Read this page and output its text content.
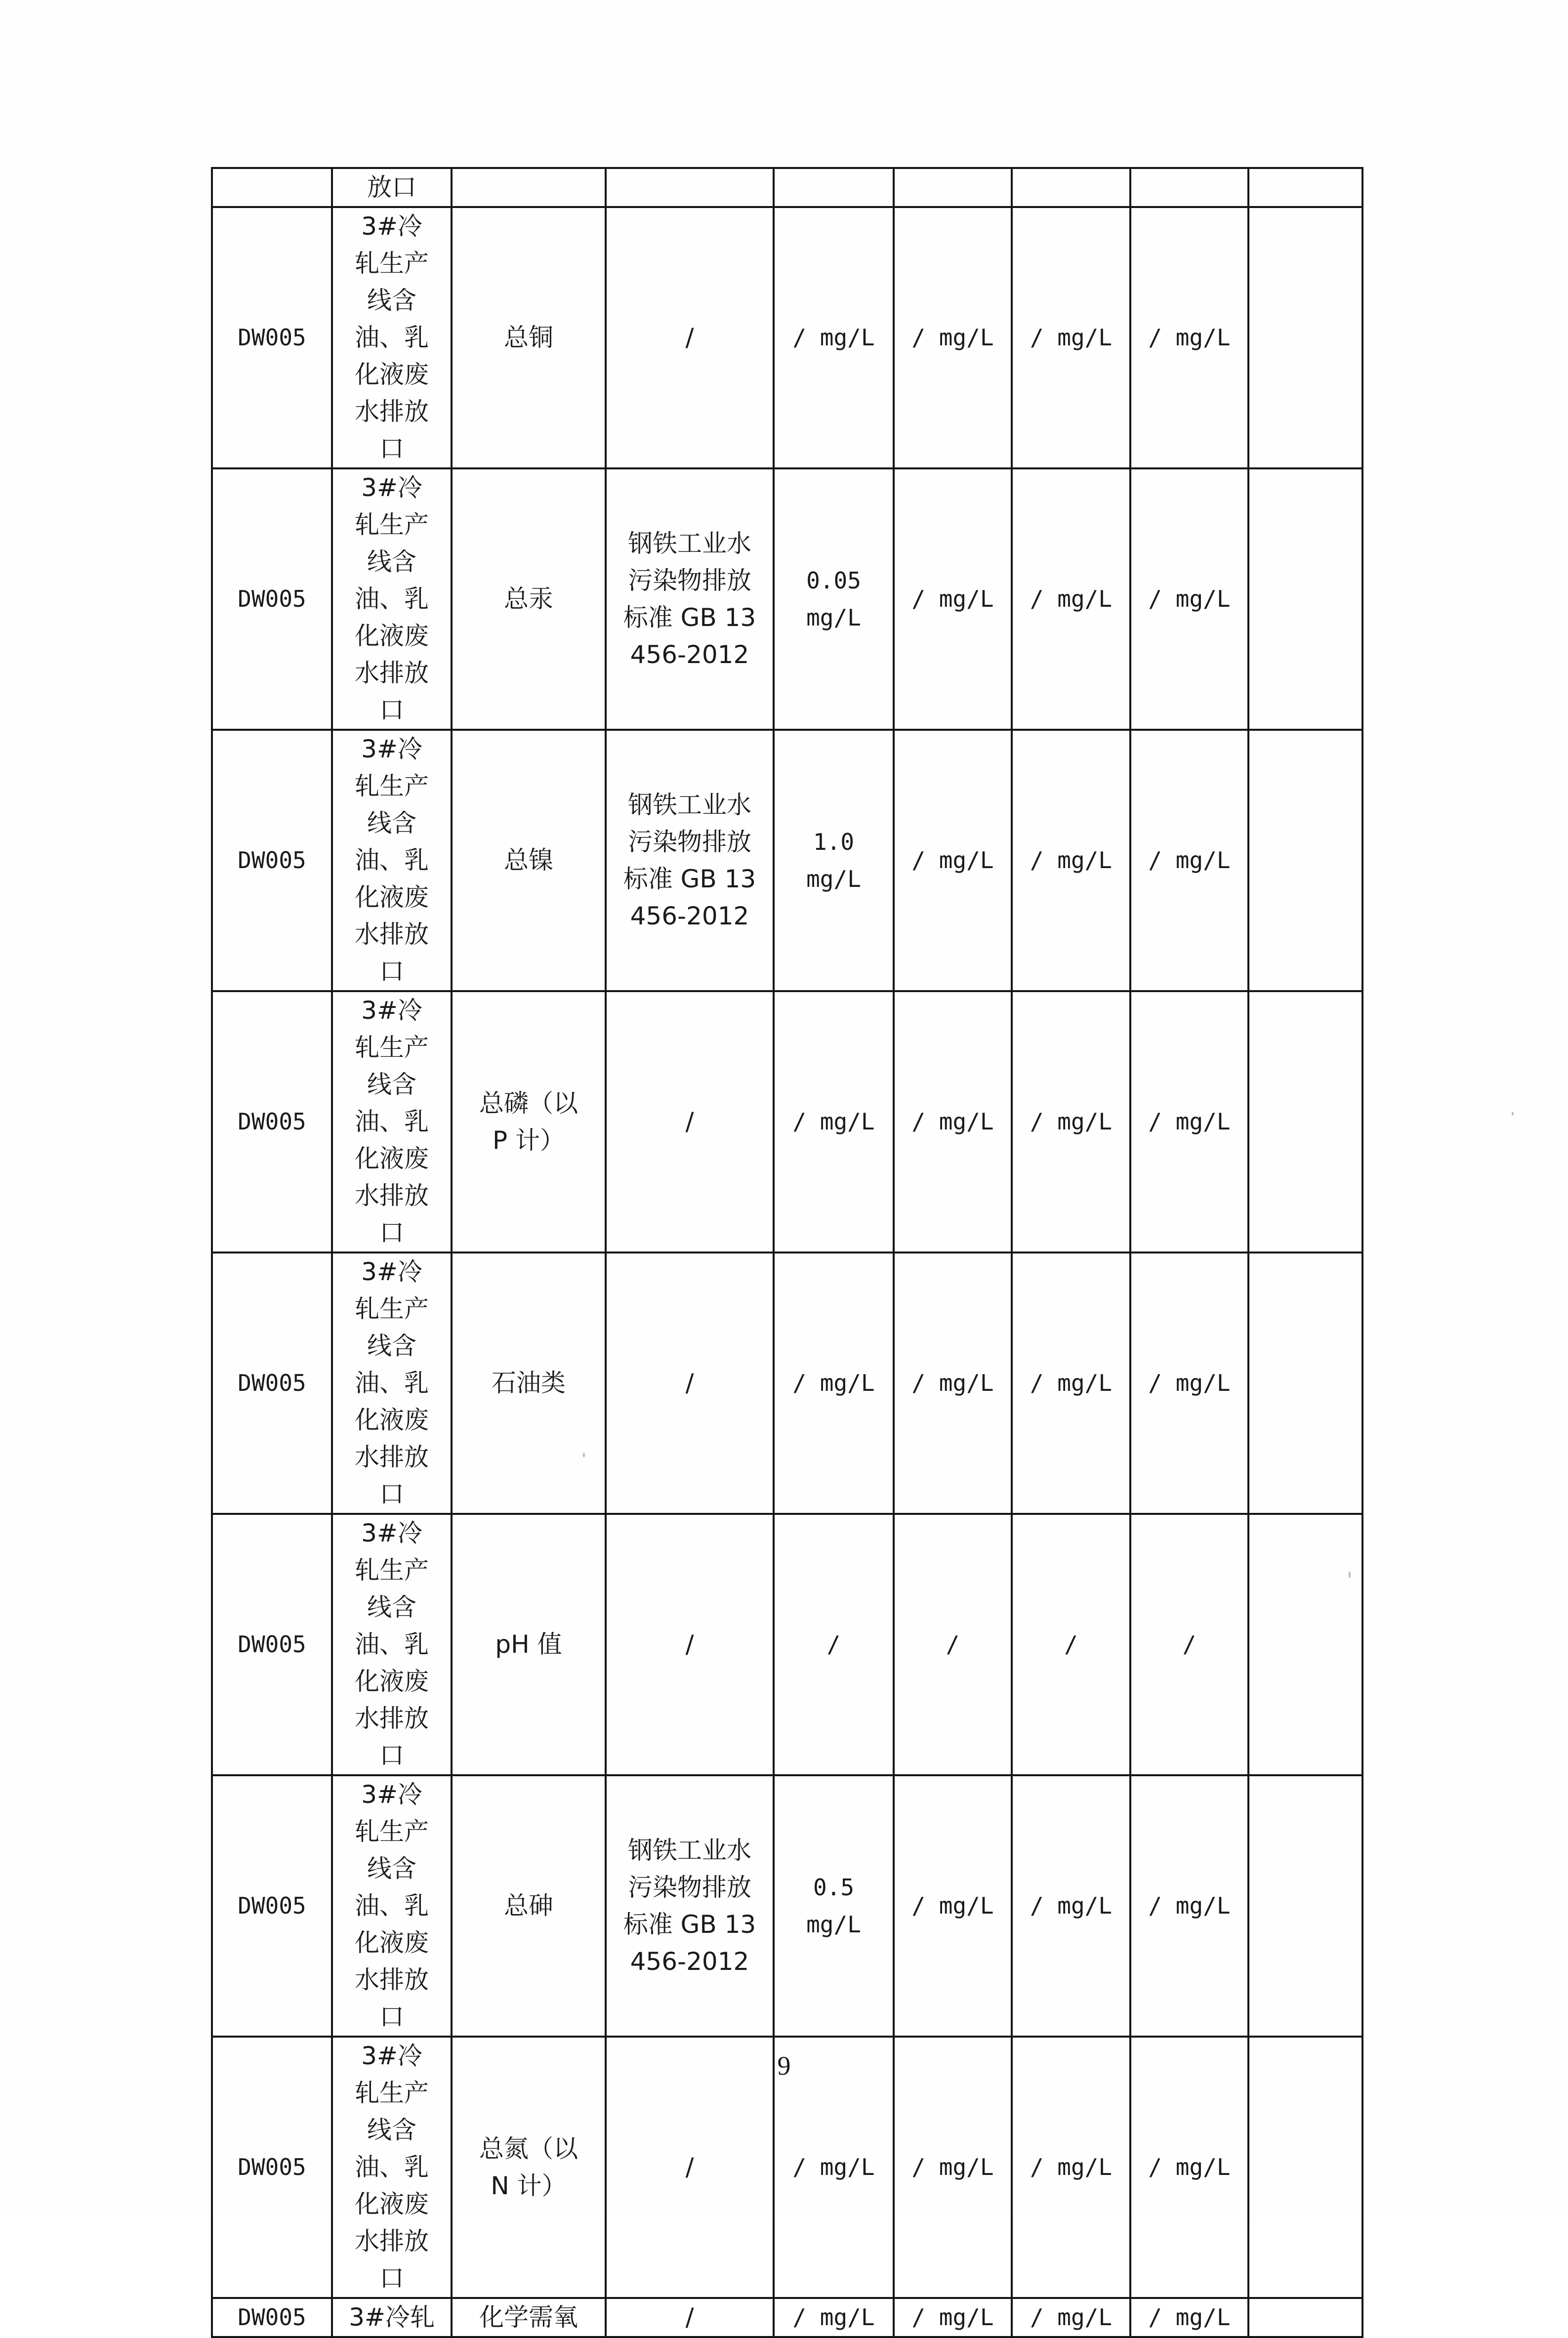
	放口							
DW005	3#冷轧生产线含油、乳化液废水排放口	总铜	/	/ mg/L	/ mg/L	/ mg/L	/ mg/L	
DW005	3#冷轧生产线含油、乳化液废水排放口	总汞	钢铁工业水污染物排放标准 GB 13456-2012	0.05 mg/L	/ mg/L	/ mg/L	/ mg/L	
DW005	3#冷轧生产线含油、乳化液废水排放口	总镍	钢铁工业水污染物排放标准 GB 13456-2012	1.0 mg/L	/ mg/L	/ mg/L	/ mg/L	
DW005	3#冷轧生产线含油、乳化液废水排放口	总磷（以 P 计）	/	/ mg/L	/ mg/L	/ mg/L	/ mg/L	
DW005	3#冷轧生产线含油、乳化液废水排放口	石油类	/	/ mg/L	/ mg/L	/ mg/L	/ mg/L	
DW005	3#冷轧生产线含油、乳化液废水排放口	pH 值	/	/	/	/	/	
DW005	3#冷轧生产线含油、乳化液废水排放口	总砷	钢铁工业水污染物排放标准 GB 13456-2012	0.5 mg/L	/ mg/L	/ mg/L	/ mg/L	
DW005	3#冷轧生产线含油、乳化液废水排放口	总氮（以 N 计）	/	/ mg/L	/ mg/L	/ mg/L	/ mg/L	
DW005	3#冷轧	化学需氧	/	/ mg/L	/ mg/L	/ mg/L	/ mg/L	
9
